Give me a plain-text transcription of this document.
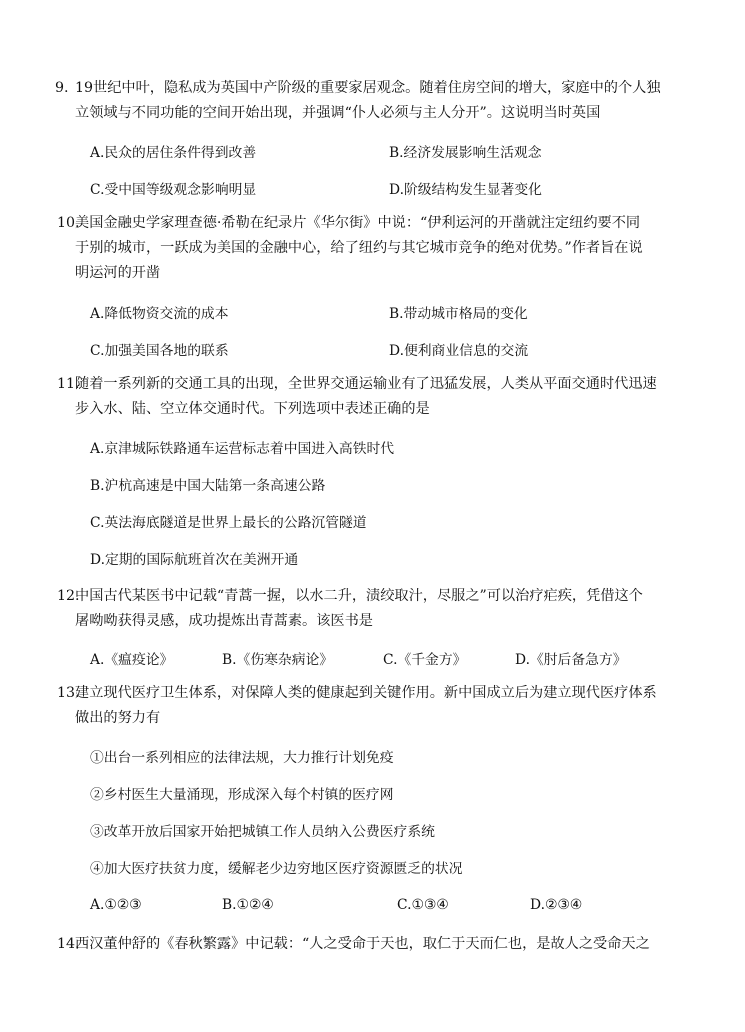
9. 19世纪中叶，隐私成为英国中产阶级的重要家居观念。随着住房空间的增大，家庭中的个人独
立领域与不同功能的空间开始出现，并强调“仆人必须与主人分开”。这说明当时英国
A.民众的居住条件得到改善	B.经济发展影响生活观念
C.受中国等级观念影响明显	D.阶级结构发生显著变化
10.
美国金融史学家理查德·希勒在纪录片《华尔街》中说：“伊利运河的开凿就注定纽约要不同
于别的城市，一跃成为美国的金融中心，给了纽约与其它城市竞争的绝对优势。”作者旨在说
明运河的开凿
A.降低物资交流的成本	B.带动城市格局的变化
C.加强美国各地的联系	D.便利商业信息的交流
11.
随着一系列新的交通工具的出现，全世界交通运输业有了迅猛发展，人类从平面交通时代迅速
步入水、陆、空立体交通时代。下列选项中表述正确的是
A.京津城际铁路通车运营标志着中国进入高铁时代
B.沪杭高速是中国大陆第一条高速公路
C.英法海底隧道是世界上最长的公路沉管隧道
D.定期的国际航班首次在美洲开通
12.
中国古代某医书中记载“青蒿一握，以水二升，渍绞取汁，尽服之”可以治疗疟疾，凭借这个
屠呦呦获得灵感，成功提炼出青蒿素。该医书是
A.《瘟疫论》	B.《伤寒杂病论》	C.《千金方》	D.《肘后备急方》
13.
建立现代医疗卫生体系，对保障人类的健康起到关键作用。新中国成立后为建立现代医疗体系
做出的努力有
①出台一系列相应的法律法规，大力推行计划免疫
②乡村医生大量涌现，形成深入每个村镇的医疗网
③改革开放后国家开始把城镇工作人员纳入公费医疗系统
④加大医疗扶贫力度，缓解老少边穷地区医疗资源匮乏的状况
A.①②③	B.①②④	C.①③④	D.②③④
14.
西汉董仲舒的《春秋繁露》中记载：“人之受命于天也，取仁于天而仁也，是故人之受命天之
